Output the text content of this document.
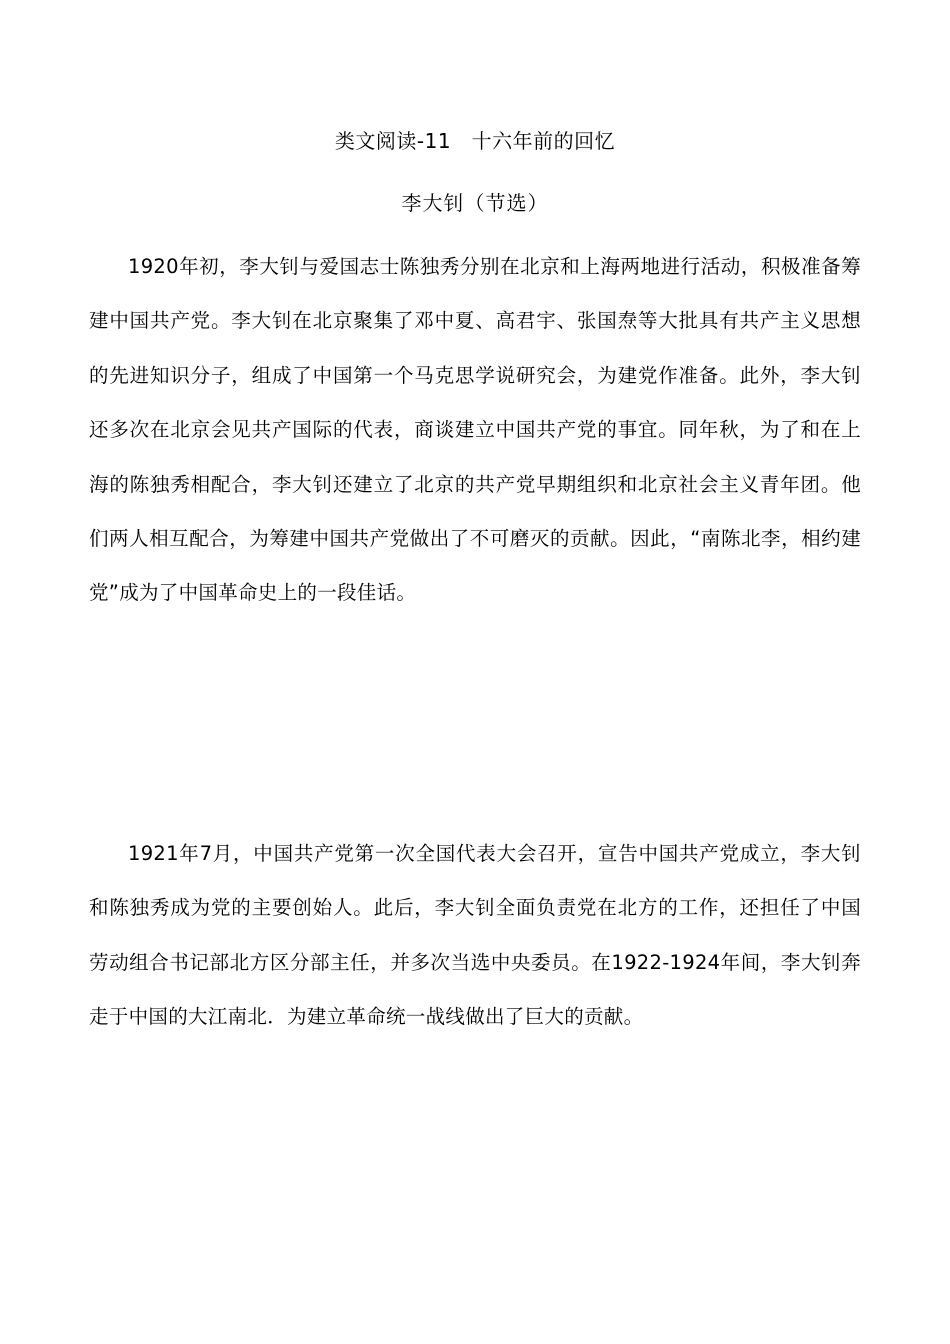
类文阅读-11　十六年前的回忆
李大钊（节选）

1920年初，李大钊与爱国志士陈独秀分别在北京和上海两地进行活动，积极准备筹建中国共产党。李大钊在北京聚集了邓中夏、高君宇、张国焘等大批具有共产主义思想的先进知识分子，组成了中国第一个马克思学说研究会，为建党作准备。此外，李大钊还多次在北京会见共产国际的代表，商谈建立中国共产党的事宜。同年秋，为了和在上海的陈独秀相配合，李大钊还建立了北京的共产党早期组织和北京社会主义青年团。他们两人相互配合，为筹建中国共产党做出了不可磨灭的贡献。因此，“南陈北李，相约建党”成为了中国革命史上的一段佳话。

1921年7月，中国共产党第一次全国代表大会召开，宣告中国共产党成立，李大钊和陈独秀成为党的主要创始人。此后，李大钊全面负责党在北方的工作，还担任了中国劳动组合书记部北方区分部主任，并多次当选中央委员。在1922-1924年间，李大钊奔走于中国的大江南北．为建立革命统一战线做出了巨大的贡献。
